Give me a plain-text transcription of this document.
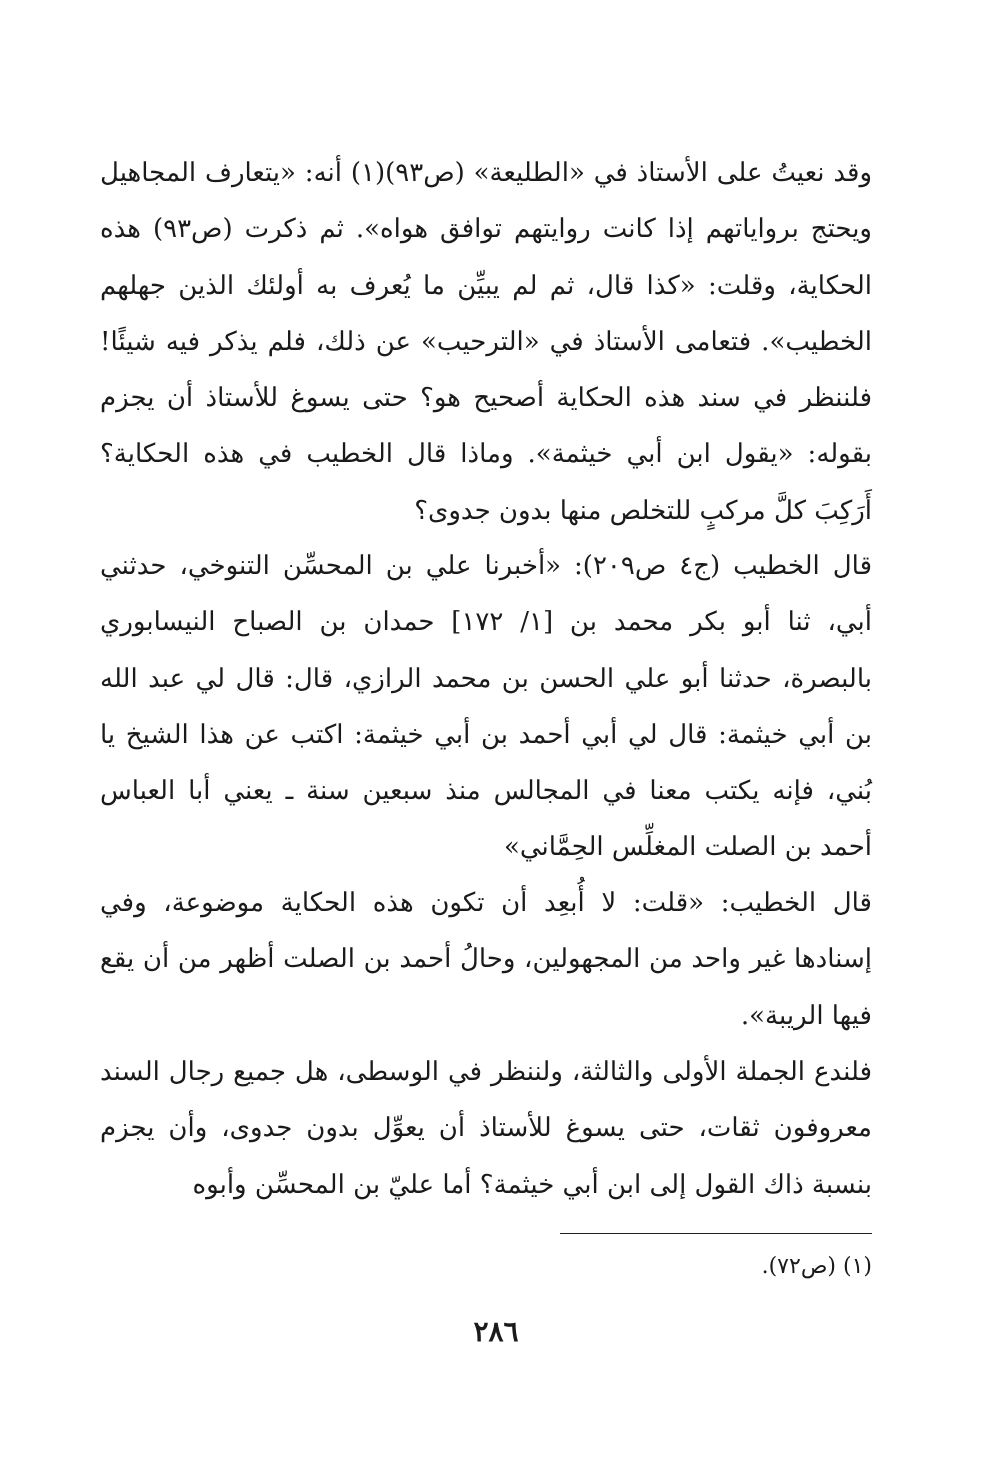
وقد نعيتُ على الأستاذ في «الطليعة» (ص٩٣)(١) أنه: «يتعارف المجاهيل ويحتج برواياتهم إذا كانت روايتهم توافق هواه». ثم ذكرت (ص٩٣) هذه الحكاية، وقلت: «كذا قال، ثم لم يبيِّن ما يُعرف به أولئك الذين جهلهم الخطيب». فتعامى الأستاذ في «الترحيب» عن ذلك، فلم يذكر فيه شيئًا! فلننظر في سند هذه الحكاية أصحيح هو؟ حتى يسوغ للأستاذ أن يجزم بقوله: «يقول ابن أبي خيثمة». وماذا قال الخطيب في هذه الحكاية؟ أَرَكِبَ كلَّ مركبٍ للتخلص منها بدون جدوى؟

قال الخطيب (ج٤ ص٢٠٩): «أخبرنا علي بن المحسِّن التنوخي، حدثني أبي، ثنا أبو بكر محمد بن [١/ ١٧٢] حمدان بن الصباح النيسابوري بالبصرة، حدثنا أبو علي الحسن بن محمد الرازي، قال: قال لي عبد الله بن أبي خيثمة: قال لي أبي أحمد بن أبي خيثمة: اكتب عن هذا الشيخ يا بُني، فإنه يكتب معنا في المجالس منذ سبعين سنة ـ يعني أبا العباس أحمد بن الصلت المغلِّس الحِمَّاني»

قال الخطيب: «قلت: لا أُبعِد أن تكون هذه الحكاية موضوعة، وفي إسنادها غير واحد من المجهولين، وحالُ أحمد بن الصلت أظهر من أن يقع فيها الريبة».

فلندع الجملة الأولى والثالثة، ولننظر في الوسطى، هل جميع رجال السند معروفون ثقات، حتى يسوغ للأستاذ أن يعوِّل بدون جدوى، وأن يجزم بنسبة ذاك القول إلى ابن أبي خيثمة؟ أما عليّ بن المحسِّن وأبوه

(١) (ص٧٢).
٢٨٦
